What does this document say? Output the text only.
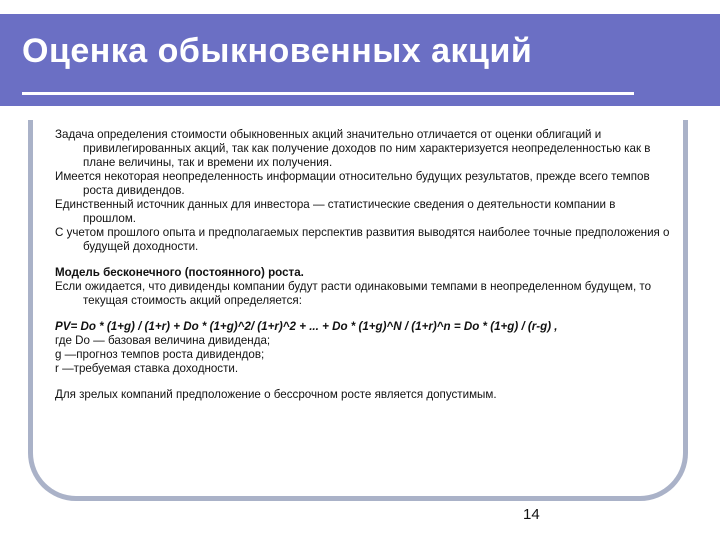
Оценка обыкновенных акций

Задача определения стоимости обыкновенных акций значительно отличается от оценки облигаций и привилегированных акций, так как получение доходов по ним характеризуется неопределенностью как в плане величины, так и времени их получения.

Имеется некоторая неопределенность информации относительно будущих результатов, прежде всего темпов роста дивидендов.

Единственный источник данных для инвестора — статистические сведения о деятельности компании в прошлом.

С учетом прошлого опыта и предполагаемых перспектив развития выводятся наиболее точные предположения о будущей доходности.

Модель бесконечного (постоянного) роста.

Если ожидается, что дивиденды компании будут расти одинаковыми темпами в неопределенном будущем, то текущая стоимость акций определяется:

PV= Do * (1+g) / (1+r) + Do * (1+g)^2/ (1+r)^2 + ... + Do * (1+g)^N / (1+r)^n = Do * (1+g) / (r-g) ,

где Do — базовая величина дивиденда;

g —прогноз темпов роста дивидендов;

r —требуемая ставка доходности.

Для зрелых компаний предположение о бессрочном росте является допустимым.

14
